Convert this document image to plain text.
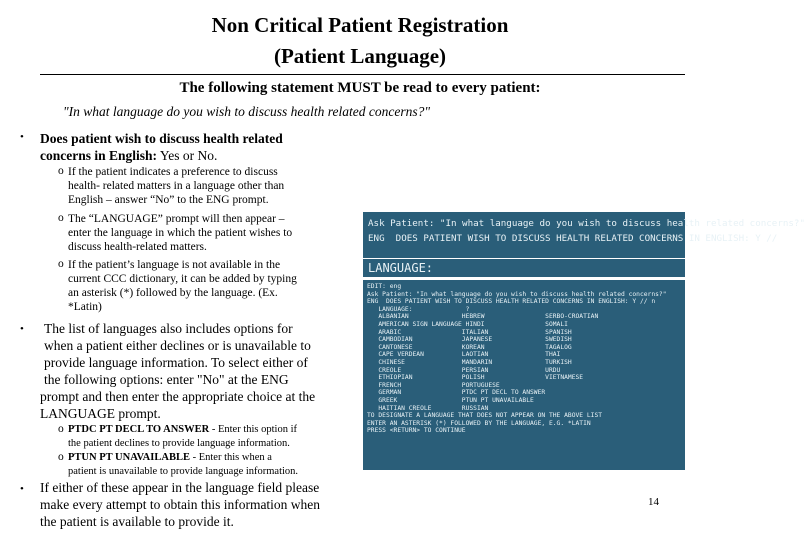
Non Critical Patient Registration
(Patient Language)
The following statement MUST be read to every patient:
"In what language do you wish to discuss health related concerns?"
• Does patient wish to discuss health related
concerns in English: Yes or No.
o If the patient indicates a preference to discuss
health- related matters in a language other than
English – answer “No” to the ENG prompt.
o The “LANGUAGE” prompt will then appear –
enter the language in which the patient wishes to
discuss health-related matters.
o If the patient’s language is not available in the
current CCC dictionary, it can be added by typing
an asterisk (*) followed by the language. (Ex.
*Latin)
• The list of languages also includes options for
when a patient either declines or is unavailable to
provide language information. To select either of
the following options: enter "No" at the ENG
prompt and then enter the appropriate choice at the
LANGUAGE prompt.
o PTDC PT DECL TO ANSWER - Enter this option if
the patient declines to provide language information.
o PTUN PT UNAVAILABLE - Enter this when a
patient is unavailable to provide language information.
• If either of these appear in the language field please
make every attempt to obtain this information when
the patient is available to provide it.
Ask Patient: "In what language do you wish to discuss health related concerns?"
ENG  DOES PATIENT WISH TO DISCUSS HEALTH RELATED CONCERNS IN ENGLISH: Y //
LANGUAGE:
EDIT: eng
Ask Patient: "In what language do you wish to discuss health related concerns?"
ENG  DOES PATIENT WISH TO DISCUSS HEALTH RELATED CONCERNS IN ENGLISH: Y // n
LANGUAGE:              ?
ALBANIAN              HEBREW                SERBO-CROATIAN
AMERICAN SIGN LANGUAGE HINDI                SOMALI
ARABIC                ITALIAN               SPANISH
CAMBODIAN             JAPANESE              SWEDISH
CANTONESE             KOREAN                TAGALOG
CAPE VERDEAN          LAOTIAN               THAI
CHINESE               MANDARIN              TURKISH
CREOLE                PERSIAN               URDU
ETHIOPIAN             POLISH                VIETNAMESE
FRENCH                PORTUGUESE
GERMAN                PTDC PT DECL TO ANSWER
GREEK                 PTUN PT UNAVAILABLE
HAITIAN CREOLE        RUSSIAN
TO DESIGNATE A LANGUAGE THAT DOES NOT APPEAR ON THE ABOVE LIST
ENTER AN ASTERISK (*) FOLLOWED BY THE LANGUAGE, E.G. *LATIN
PRESS <RETURN> TO CONTINUE
14
